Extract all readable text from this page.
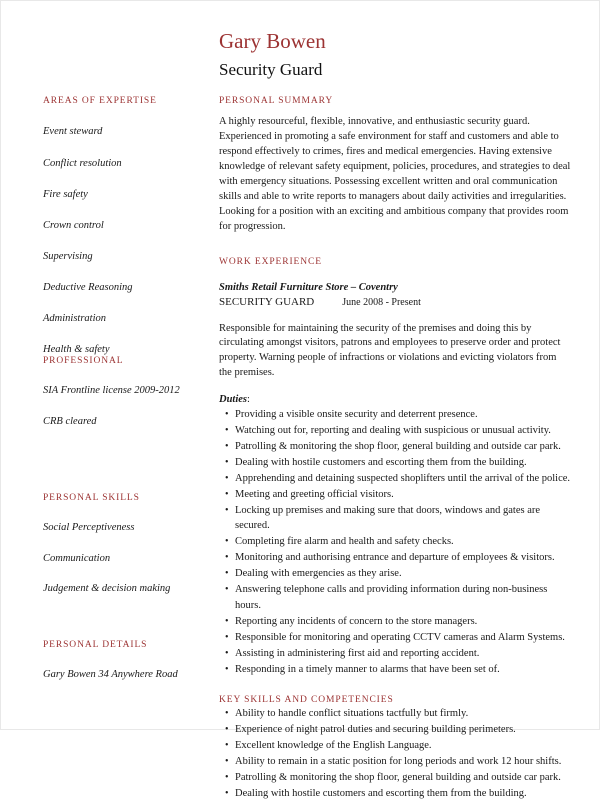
AREAS OF EXPERTISE
Event steward
Conflict resolution
Fire safety
Crown control
Supervising
Deductive Reasoning
Administration
Health & safety
PROFESSIONAL
SIA Frontline license 2009-2012
CRB cleared
PERSONAL SKILLS
Social Perceptiveness
Communication
Judgement & decision making
PERSONAL DETAILS
Gary Bowen 34 Anywhere Road
Gary Bowen
Security Guard
PERSONAL SUMMARY

A highly resourceful, flexible, innovative, and enthusiastic security guard. Experienced in promoting a safe environment for staff and customers and able to respond effectively to crimes, fires and medical emergencies. Having extensive knowledge of relevant safety equipment, policies, procedures, and strategies to deal with emergency situations. Possessing excellent written and oral communication skills and able to write reports to managers about daily activities and irregularities.

Looking for a position with an exciting and ambitious company that provides room for progression.

WORK EXPERIENCE
Smiths Retail Furniture Store – Coventry
SECURITY GUARD	June 2008 - Present

Responsible for maintaining the security of the premises and doing this by circulating amongst visitors, patrons and employees to preserve order and protect property. Warning people of infractions or violations and evicting violators from the premises.

Duties:
• Providing a visible onsite security and deterrent presence.
• Watching out for, reporting and dealing with suspicious or unusual activity.
• Patrolling & monitoring the shop floor, general building and outside car park.
• Dealing with hostile customers and escorting them from the building.
• Apprehending and detaining suspected shoplifters until the arrival of the police.
• Meeting and greeting official visitors.
• Locking up premises and making sure that doors, windows and gates are secured.
• Completing fire alarm and health and safety checks.
• Monitoring and authorising entrance and departure of employees & visitors.
• Dealing with emergencies as they arise.
• Answering telephone calls and providing information during non-business hours.
• Reporting any incidents of concern to the store managers.
• Responsible for monitoring and operating CCTV cameras and Alarm Systems.
• Assisting in administering first aid and reporting accident.
• Responding in a timely manner to alarms that have been set of.
KEY SKILLS AND COMPETENCIES
• Ability to handle conflict situations tactfully but firmly.
• Experience of night patrol duties and securing building perimeters.
• Excellent knowledge of the English Language.
• Ability to remain in a static position for long periods and work 12 hour shifts.
• Patrolling & monitoring the shop floor, general building and outside car park.
• Dealing with hostile customers and escorting them from the building.
